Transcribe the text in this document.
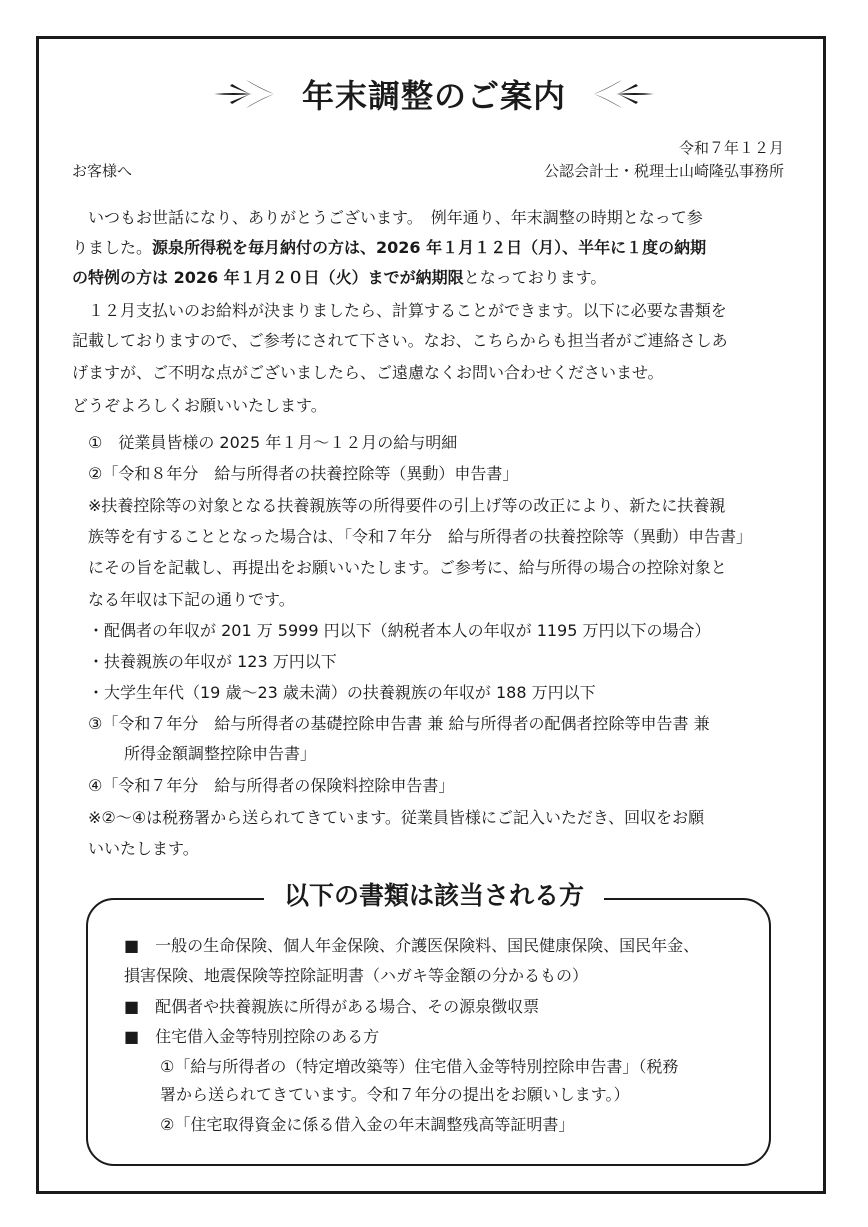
年末調整のご案内
令和７年１２月
公認会計士・税理士山崎隆弘事務所
お客様へ
　いつもお世話になり、ありがとうございます。　例年通り、年末調整の時期となって参
りました。源泉所得税を毎月納付の方は、2026 年１月１２日（月）、半年に１度の納期
の特例の方は 2026 年１月２０日（火）までが納期限となっております。
　１２月支払いのお給料が決まりましたら、計算することができます。以下に必要な書類を
記載しておりますので、ご参考にされて下さい。なお、こちらからも担当者がご連絡さしあ
げますが、ご不明な点がございましたら、ご遠慮なくお問い合わせくださいませ。
どうぞよろしくお願いいたします。
①　従業員皆様の 2025 年１月～１２月の給与明細
②「令和８年分　給与所得者の扶養控除等（異動）申告書」
※扶養控除等の対象となる扶養親族等の所得要件の引上げ等の改正により、新たに扶養親
族等を有することとなった場合は､「令和７年分　給与所得者の扶養控除等（異動）申告書」
にその旨を記載し、再提出をお願いいたします。ご参考に、給与所得の場合の控除対象と
なる年収は下記の通りです。
・配偶者の年収が 201 万 5999 円以下（納税者本人の年収が 1195 万円以下の場合）
・扶養親族の年収が 123 万円以下
・大学生年代（19 歳～23 歳未満）の扶養親族の年収が 188 万円以下
③「令和７年分　給与所得者の基礎控除申告書 兼 給与所得者の配偶者控除等申告書 兼
所得金額調整控除申告書」
④「令和７年分　給与所得者の保険料控除申告書」
※②～④は税務署から送られてきています。従業員皆様にご記入いただき、回収をお願
いいたします。
以下の書類は該当される方
■　一般の生命保険、個人年金保険、介護医保険料、国民健康保険、国民年金、
損害保険、地震保険等控除証明書（ハガキ等金額の分かるもの）
■　配偶者や扶養親族に所得がある場合、その源泉徴収票
■　住宅借入金等特別控除のある方
①「給与所得者の（特定増改築等）住宅借入金等特別控除申告書」（税務
署から送られてきています。令和７年分の提出をお願いします。）
②「住宅取得資金に係る借入金の年末調整残高等証明書」
